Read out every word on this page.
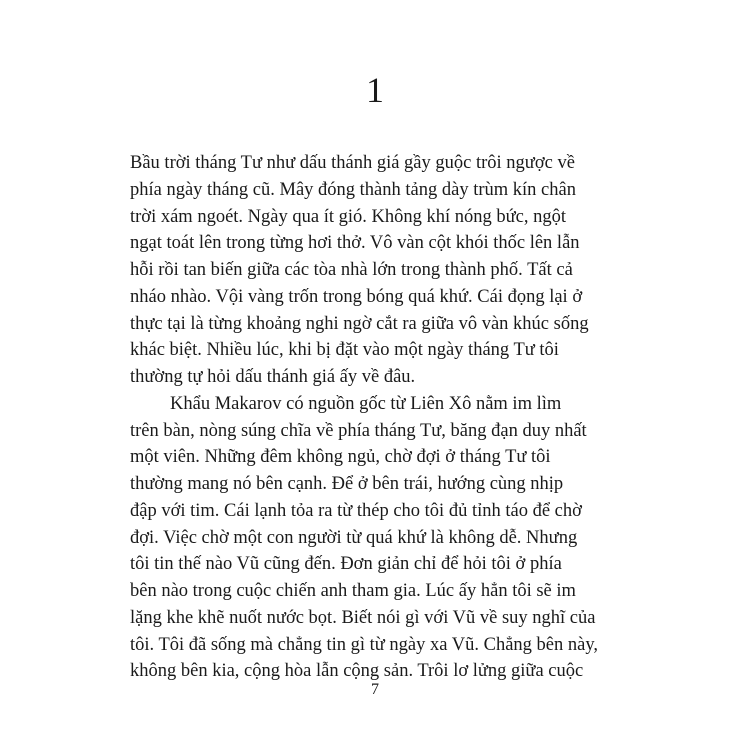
1
Bầu trời tháng Tư như dấu thánh giá gầy guộc trôi ngược về
phía ngày tháng cũ. Mây đóng thành tảng dày trùm kín chân
trời xám ngoét. Ngày qua ít gió. Không khí nóng bức, ngột
ngạt toát lên trong từng hơi thở. Vô vàn cột khói thốc lên lẫn
hỗi rồi tan biến giữa các tòa nhà lớn trong thành phố. Tất cả
nháo nhào. Vội vàng trốn trong bóng quá khứ. Cái đọng lại ở
thực tại là từng khoảng nghi ngờ cắt ra giữa vô vàn khúc sống
khác biệt. Nhiều lúc, khi bị đặt vào một ngày tháng Tư tôi
thường tự hỏi dấu thánh giá ấy về đâu.
Khẩu Makarov có nguồn gốc từ Liên Xô nằm im lìm
trên bàn, nòng súng chĩa về phía tháng Tư, băng đạn duy nhất
một viên. Những đêm không ngủ, chờ đợi ở tháng Tư tôi
thường mang nó bên cạnh. Để ở bên trái, hướng cùng nhịp
đập với tim. Cái lạnh tỏa ra từ thép cho tôi đủ tỉnh táo để chờ
đợi. Việc chờ một con người từ quá khứ là không dễ. Nhưng
tôi tin thế nào Vũ cũng đến. Đơn giản chỉ để hỏi tôi ở phía
bên nào trong cuộc chiến anh tham gia. Lúc ấy hẳn tôi sẽ im
lặng khe khẽ nuốt nước bọt. Biết nói gì với Vũ về suy nghĩ của
tôi. Tôi đã sống mà chẳng tin gì từ ngày xa Vũ. Chẳng bên này,
không bên kia, cộng hòa lẫn cộng sản. Trôi lơ lửng giữa cuộc
7
